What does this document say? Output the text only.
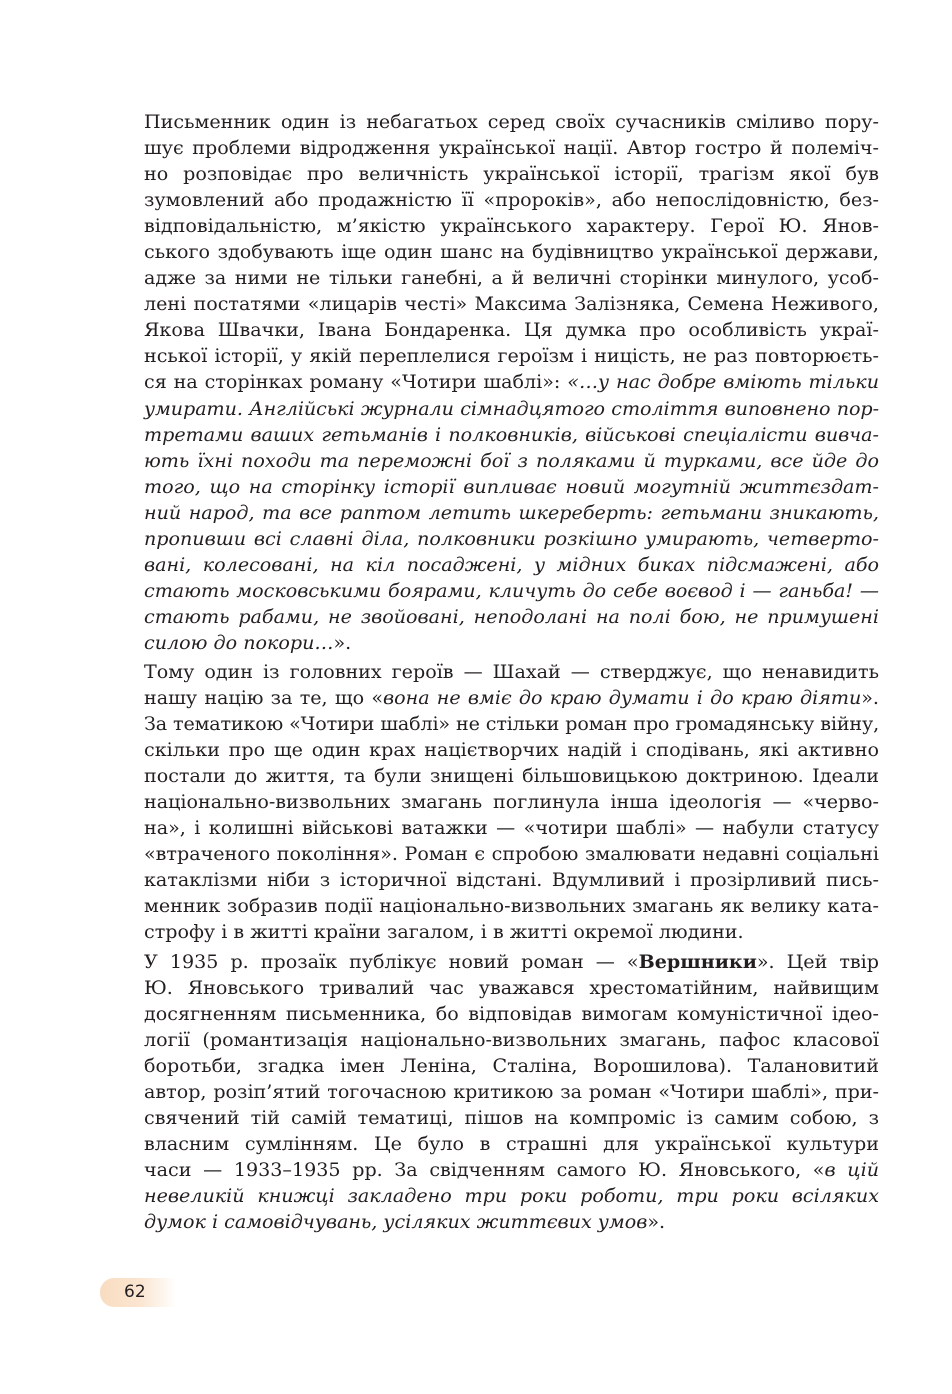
Письменник один із небагатьох серед своїх сучасників сміливо пору-
шує проблеми відродження української нації. Автор гостро й полеміч-
но розповідає про величність української історії, трагізм якої був
зумовлений або продажністю її «пророків», або непослідовністю, без-
відповідальністю, м’якістю українського характеру. Герої Ю. Янов-
ського здобувають іще один шанс на будівництво української держави,
адже за ними не тільки ганебні, а й величні сторінки минулого, усоб-
лені постатями «лицарів честі» Максима Залізняка, Семена Неживого,
Якова Швачки, Івана Бондаренка. Ця думка про особливість украї-
нської історії, у якій переплелися героїзм і ницість, не раз повторюєть-
ся на сторінках роману «Чотири шаблі»: «…у нас добре вміють тільки
умирати. Англійські журнали сімнадцятого століття виповнено пор-
третами ваших гетьманів і полковників, військові спеціалісти вивча-
ють їхні походи та переможні бої з поляками й турками, все йде до
того, що на сторінку історії випливає новий могутній життєздат-
ний народ, та все раптом летить шкереберть: гетьмани зникають,
пропивши всі славні діла, полковники розкішно умирають, четверто-
вані, колесовані, на кіл посаджені, у мідних биках підсмажені, або
стають московськими боярами, кличуть до себе воєвод і — ганьба! —
стають рабами, не звойовані, неподолані на полі бою, не примушені
силою до покори…».

Тому один із головних героїв — Шахай — стверджує, що ненавидить
нашу націю за те, що «вона не вміє до краю думати і до краю діяти».
За тематикою «Чотири шаблі» не стільки роман про громадянську війну,
скільки про ще один крах націєтворчих надій і сподівань, які активно
постали до життя, та були знищені більшовицькою доктриною. Ідеали
національно-визвольних змагань поглинула інша ідеологія — «черво-
на», і колишні військові ватажки — «чотири шаблі» — набули статусу
«втраченого покоління». Роман є спробою змалювати недавні соціальні
катаклізми ніби з історичної відстані. Вдумливий і прозірливий пись-
менник зобразив події національно-визвольних змагань як велику ката-
строфу і в житті країни загалом, і в житті окремої людини.

У 1935 р. прозаїк публікує новий роман — «Вершники». Цей твір
Ю. Яновського тривалий час уважався хрестоматійним, найвищим
досягненням письменника, бо відповідав вимогам комуністичної ідео-
логії (романтизація національно-визвольних змагань, пафос класової
боротьби, згадка імен Леніна, Сталіна, Ворошилова). Талановитий
автор, розіп’ятий тогочасною критикою за роман «Чотири шаблі», при-
свячений тій самій тематиці, пішов на компроміс із самим собою, з
власним сумлінням. Це було в страшні для української культури
часи — 1933–1935 рр. За свідченням самого Ю. Яновського, «в цій
невеликій книжці закладено три роки роботи, три роки всіляких
думок і самовідчувань, усіляких життєвих умов».

62
